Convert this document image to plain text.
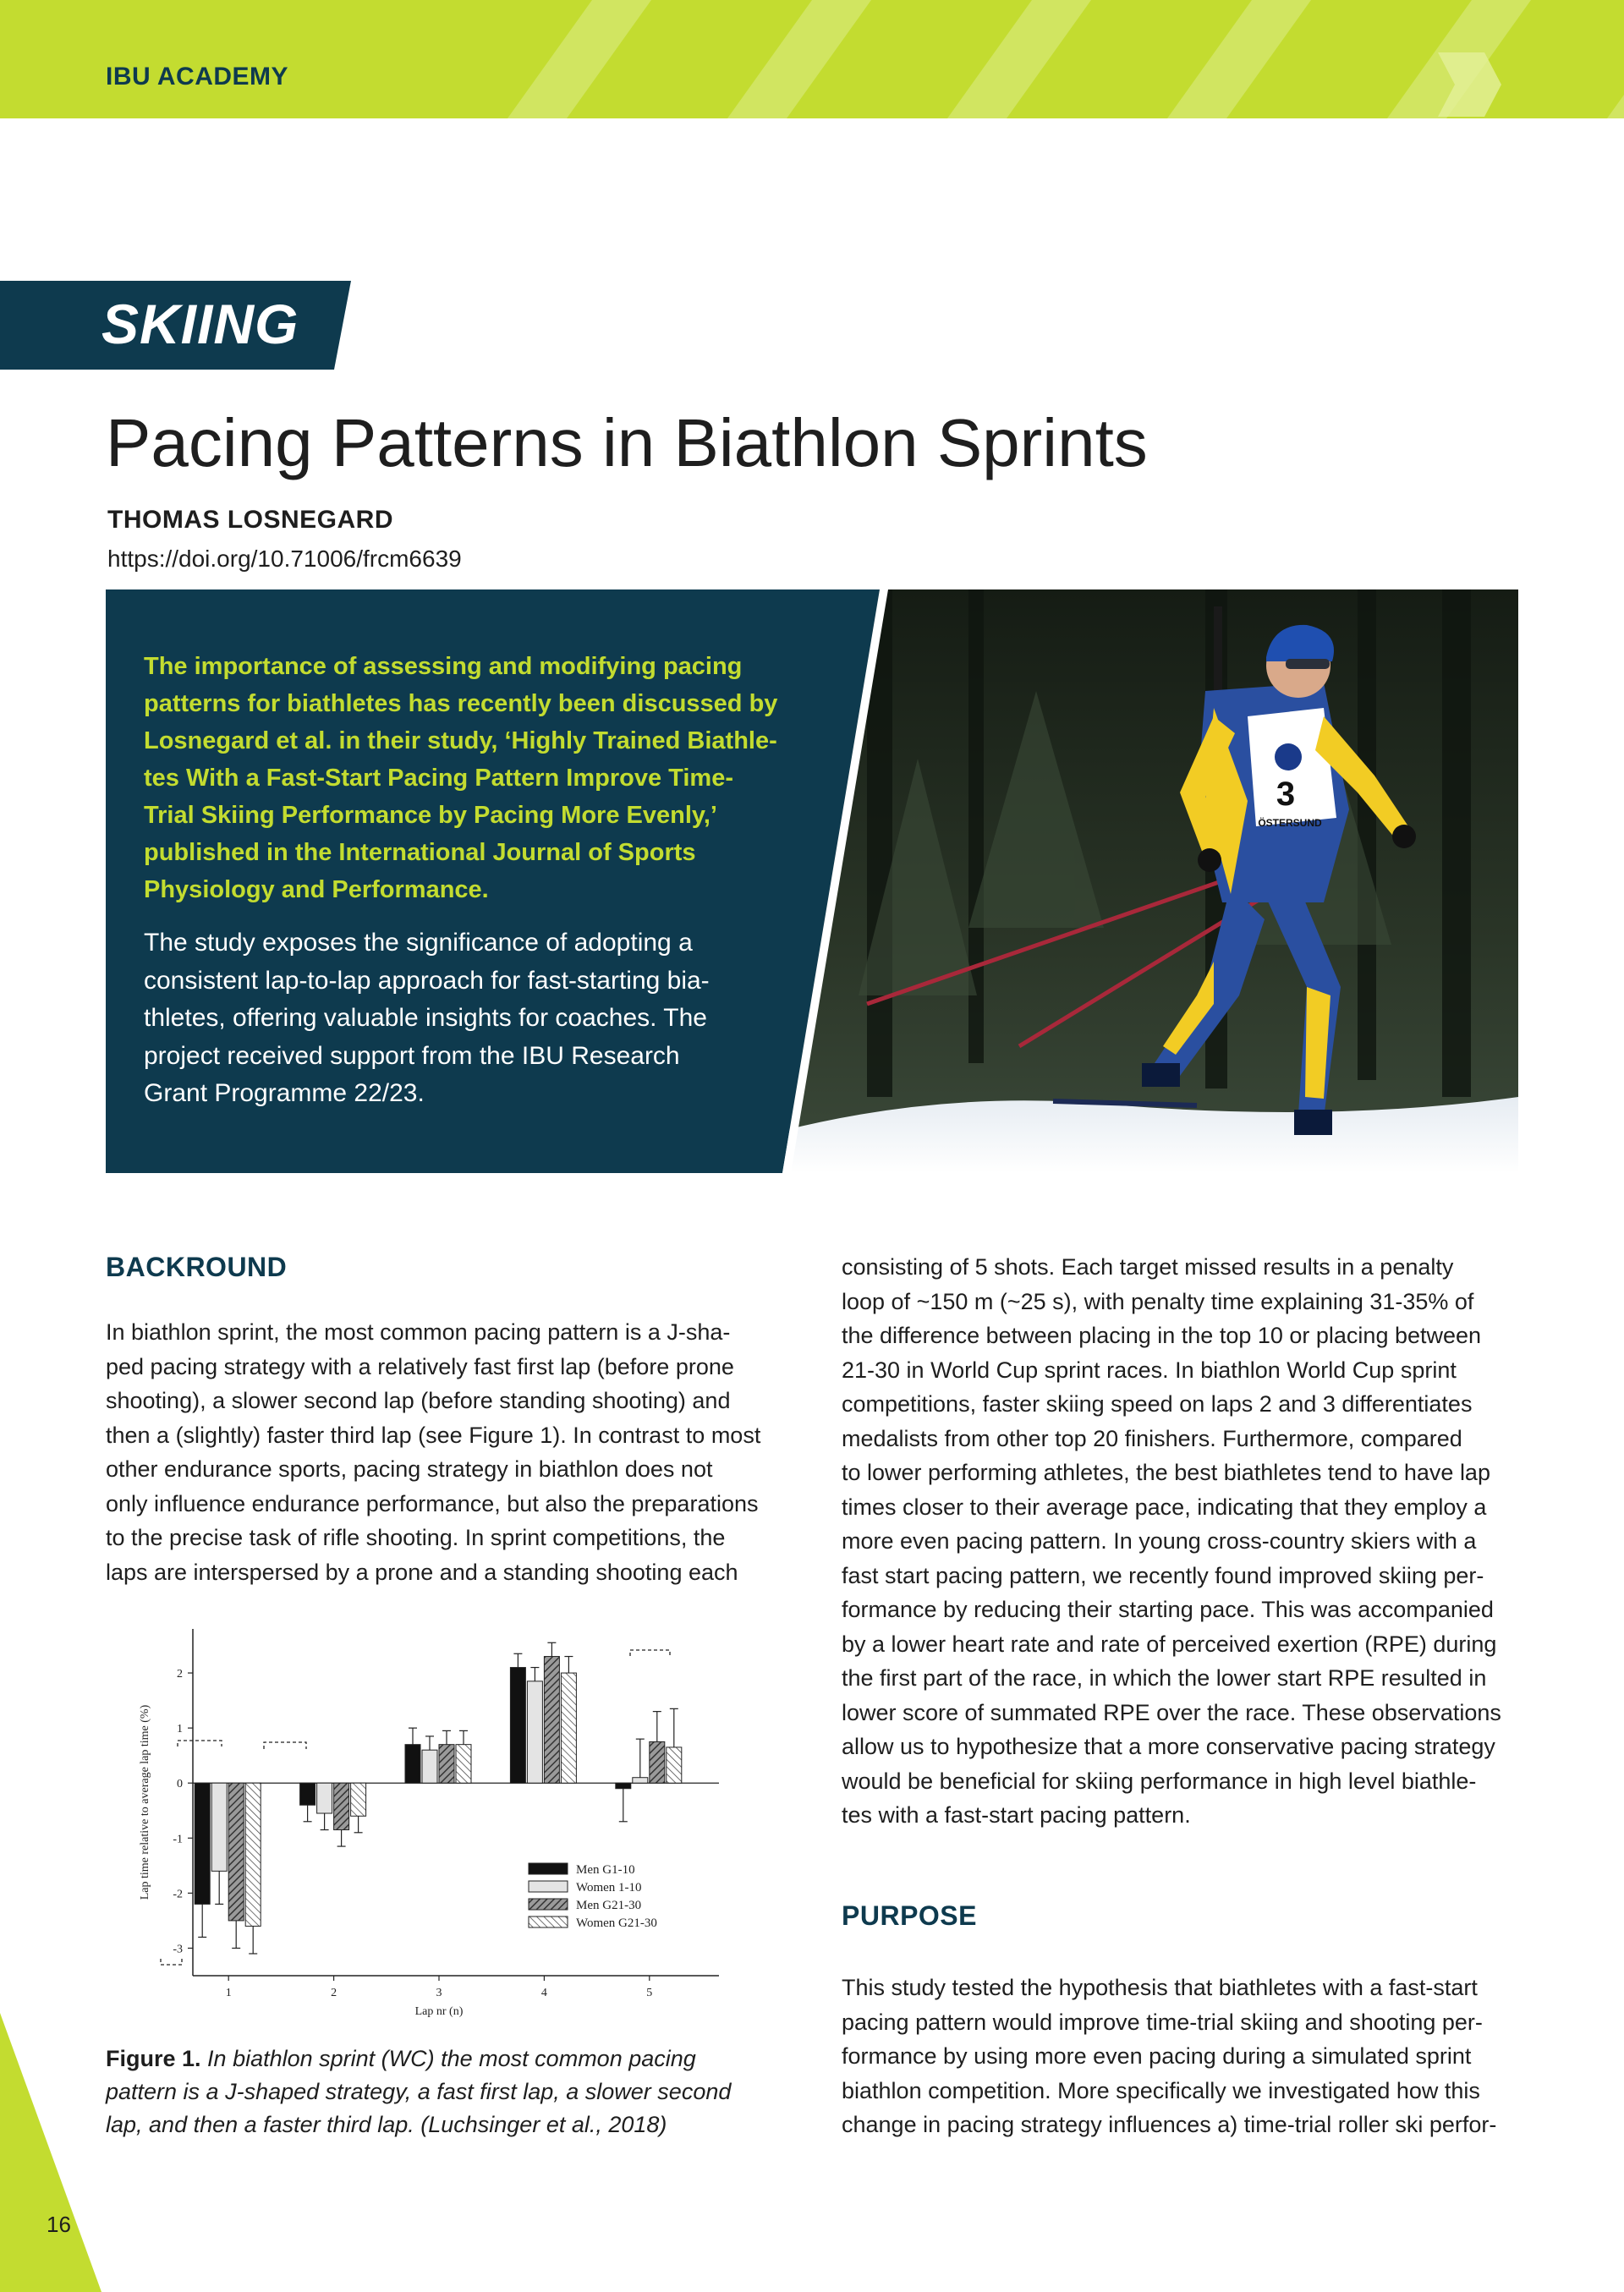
IBU ACADEMY
SKIING
Pacing Patterns in Biathlon Sprints
THOMAS LOSNEGARD
https://doi.org/10.71006/frcm6639
3
ÖSTERSUND
The importance of assessing and modifying pacing
patterns for biathletes has recently been discussed by
Losnegard et al. in their study, ‘Highly Trained Biathle-
tes With a Fast-Start Pacing Pattern Improve Time-
Trial Skiing Performance by Pacing More Evenly,’
published in the International Journal of Sports
Physiology and Performance.
The study exposes the significance of adopting a
consistent lap-to-lap approach for fast-starting bia-
thletes, offering valuable insights for coaches. The
project received support from the IBU Research
Grant Programme 22/23.
BACKROUND
In biathlon sprint, the most common pacing pattern is a J-sha-
ped pacing strategy with a relatively fast first lap (before prone
shooting), a slower second lap (before standing shooting) and
then a (slightly) faster third lap (see Figure 1). In contrast to most
other endurance sports, pacing strategy in biathlon does not
only influence endurance performance, but also the preparations
to the precise task of rifle shooting. In sprint competitions, the
laps are interspersed by a prone and a standing shooting each
2
1
0
-1
-2
-3
Lap time relative to average lap time (%)
1	2	3	4	5
Lap nr (n)
Men G1-10
Women 1-10
Men G21-30
Women G21-30
Figure 1. In biathlon sprint (WC) the most common pacing
pattern is a J-shaped strategy, a fast first lap, a slower second
lap, and then a faster third lap. (Luchsinger et al., 2018)
consisting of 5 shots. Each target missed results in a penalty
loop of ~150 m (~25 s), with penalty time explaining 31-35% of
the difference between placing in the top 10 or placing between
21-30 in World Cup sprint races. In biathlon World Cup sprint
competitions, faster skiing speed on laps 2 and 3 differentiates
medalists from other top 20 finishers. Furthermore, compared
to lower performing athletes, the best biathletes tend to have lap
times closer to their average pace, indicating that they employ a
more even pacing pattern. In young cross-country skiers with a
fast start pacing pattern, we recently found improved skiing per-
formance by reducing their starting pace. This was accompanied
by a lower heart rate and rate of perceived exertion (RPE) during
the first part of the race, in which the lower start RPE resulted in
lower score of summated RPE over the race. These observations
allow us to hypothesize that a more conservative pacing strategy
would be beneficial for skiing performance in high level biathle-
tes with a fast-start pacing pattern.
PURPOSE
This study tested the hypothesis that biathletes with a fast-start
pacing pattern would improve time-trial skiing and shooting per-
formance by using more even pacing during a simulated sprint
biathlon competition. More specifically we investigated how this
change in pacing strategy influences a) time-trial roller ski perfor-
16
